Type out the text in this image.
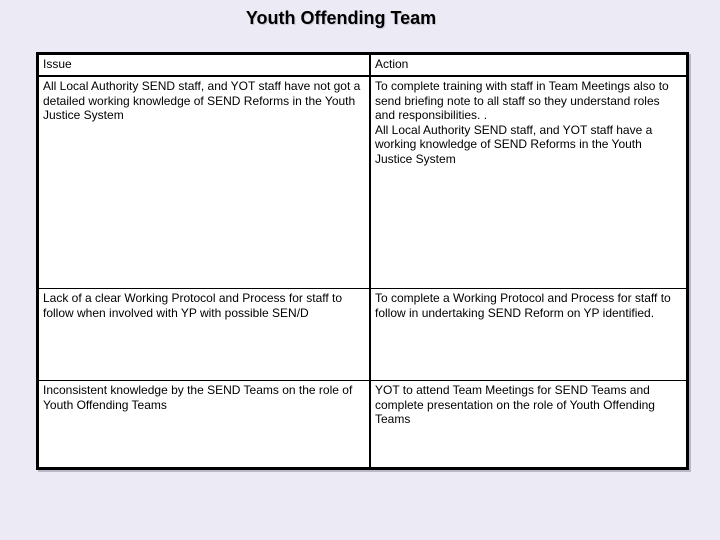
Youth Offending Team
Issue	Action

All Local Authority SEND staff, and YOT staff have not got a detailed working knowledge of SEND Reforms in the Youth Justice System	To complete training with staff in Team Meetings also to send briefing note to all staff so they understand roles and responsibilities. .
All Local Authority SEND staff, and YOT staff have a working knowledge of SEND Reforms in the Youth Justice System

Lack of a clear Working Protocol and Process for staff to follow when involved with YP with possible SEN/D	To complete a Working Protocol and Process for staff to follow in undertaking SEND Reform on YP identified.

Inconsistent knowledge by the SEND Teams on the role of Youth Offending Teams	YOT to attend Team Meetings for SEND Teams and complete presentation on the role of Youth Offending Teams
